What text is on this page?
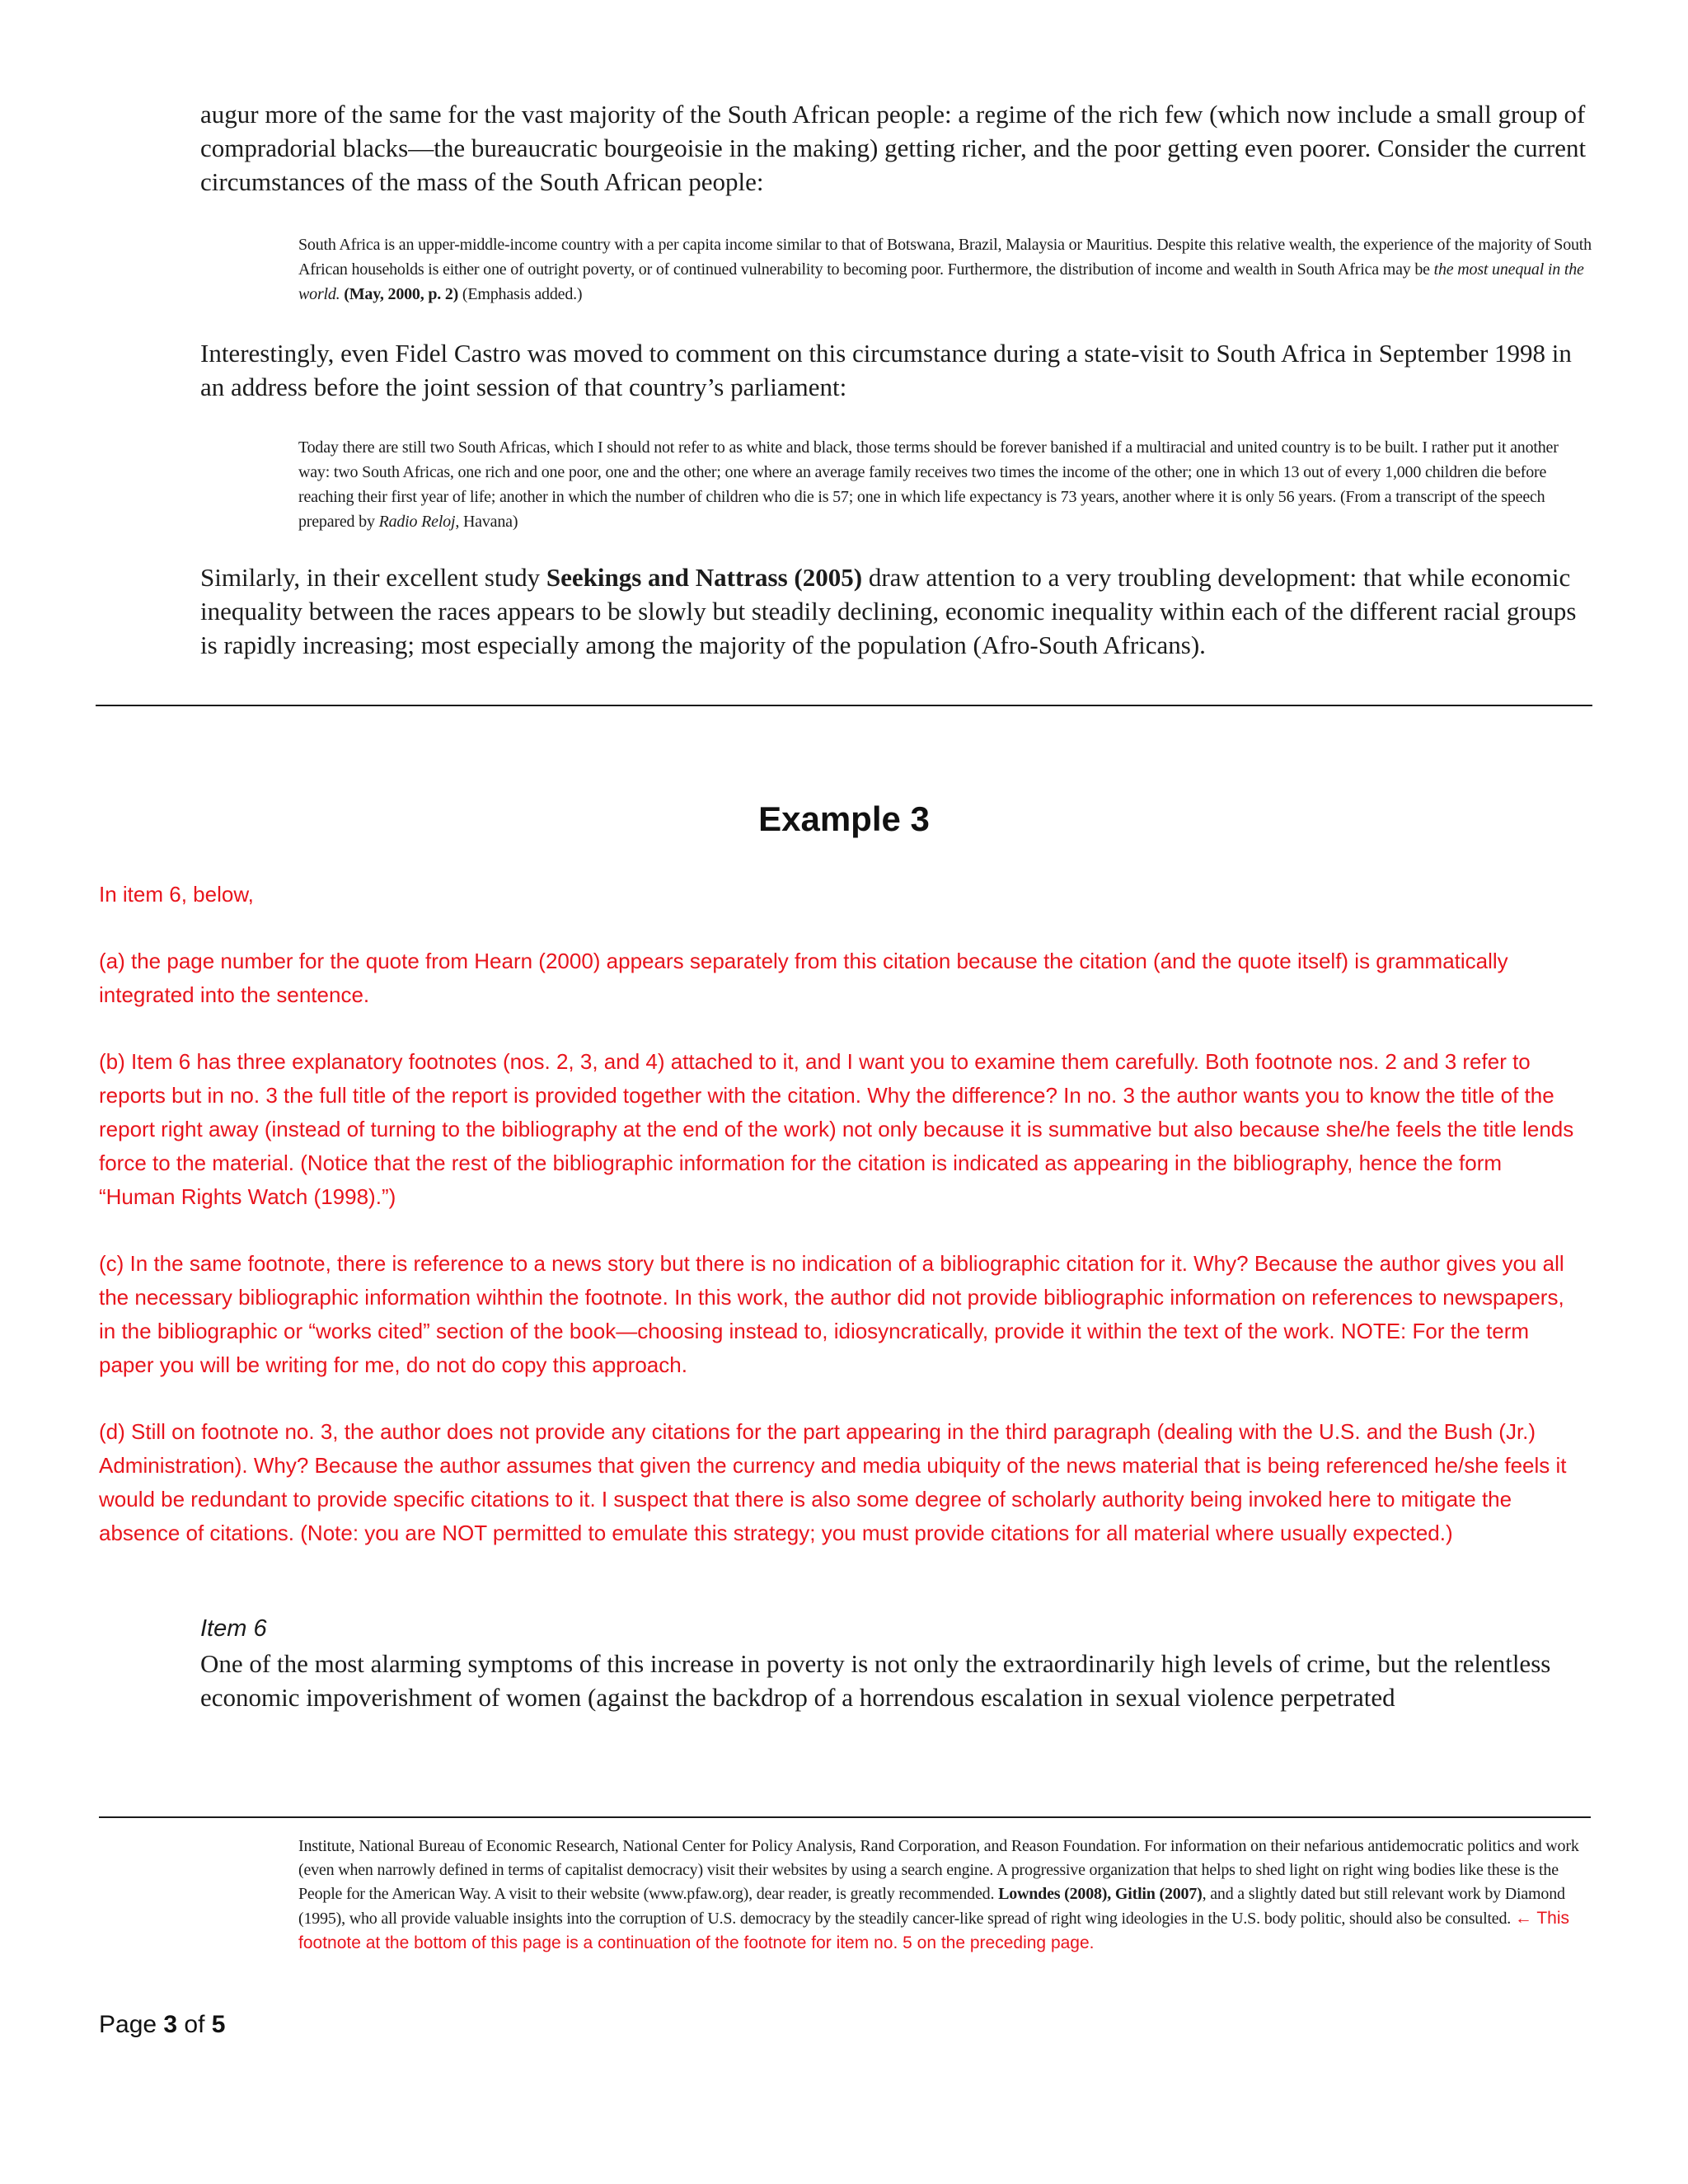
augur more of the same for the vast majority of the South African people: a regime of the rich few (which now include a small group of compradorial blacks—the bureaucratic bourgeoisie in the making) getting richer, and the poor getting even poorer. Consider the current circumstances of the mass of the South African people:

South Africa is an upper-middle-income country with a per capita income similar to that of Botswana, Brazil, Malaysia or Mauritius. Despite this relative wealth, the experience of the majority of South African households is either one of outright poverty, or of continued vulnerability to becoming poor. Furthermore, the distribution of income and wealth in South Africa may be the most unequal in the world. (May, 2000, p. 2) (Emphasis added.)

Interestingly, even Fidel Castro was moved to comment on this circumstance during a state-visit to South Africa in September 1998 in an address before the joint session of that country’s parliament:

Today there are still two South Africas, which I should not refer to as white and black, those terms should be forever banished if a multiracial and united country is to be built. I rather put it another way: two South Africas, one rich and one poor, one and the other; one where an average family receives two times the income of the other; one in which 13 out of every 1,000 children die before reaching their first year of life; another in which the number of children who die is 57; one in which life expectancy is 73 years, another where it is only 56 years. (From a transcript of the speech prepared by Radio Reloj, Havana)

Similarly, in their excellent study Seekings and Nattrass (2005) draw attention to a very troubling development: that while economic inequality between the races appears to be slowly but steadily declining, economic inequality within each of the different racial groups is rapidly increasing; most especially among the majority of the population (Afro-South Africans).

Example 3

In item 6, below,

(a) the page number for the quote from Hearn (2000) appears separately from this citation because the citation (and the quote itself) is grammatically integrated into the sentence.

(b) Item 6 has three explanatory footnotes (nos. 2, 3, and 4) attached to it, and I want you to examine them carefully. Both footnote nos. 2 and 3 refer to reports but in no. 3 the full title of the report is provided together with the citation. Why the difference? In no. 3 the author wants you to know the title of the report right away (instead of turning to the bibliography at the end of the work) not only because it is summative but also because she/he feels the title lends force to the material. (Notice that the rest of the bibliographic information for the citation is indicated as appearing in the bibliography, hence the form “Human Rights Watch (1998).”)

(c) In the same footnote, there is reference to a news story but there is no indication of a bibliographic citation for it. Why? Because the author gives you all the necessary bibliographic information wihthin the footnote. In this work, the author did not provide bibliographic information on references to newspapers, in the bibliographic or “works cited” section of the book—choosing instead to, idiosyncratically, provide it within the text of the work. NOTE: For the term paper you will be writing for me, do not do copy this approach.

(d) Still on footnote no. 3, the author does not provide any citations for the part appearing in the third paragraph (dealing with the U.S. and the Bush (Jr.) Administration). Why? Because the author assumes that given the currency and media ubiquity of the news material that is being referenced he/she feels it would be redundant to provide specific citations to it. I suspect that there is also some degree of scholarly authority being invoked here to mitigate the absence of citations. (Note: you are NOT permitted to emulate this strategy; you must provide citations for all material where usually expected.)

Item 6

One of the most alarming symptoms of this increase in poverty is not only the extraordinarily high levels of crime, but the relentless economic impoverishment of women (against the backdrop of a horrendous escalation in sexual violence perpetrated

Institute, National Bureau of Economic Research, National Center for Policy Analysis, Rand Corporation, and Reason Foundation. For information on their nefarious antidemocratic politics and work (even when narrowly defined in terms of capitalist democracy) visit their websites by using a search engine. A progressive organization that helps to shed light on right wing bodies like these is the People for the American Way. A visit to their website (www.pfaw.org), dear reader, is greatly recommended. Lowndes (2008), Gitlin (2007), and a slightly dated but still relevant work by Diamond (1995), who all provide valuable insights into the corruption of U.S. democracy by the steadily cancer-like spread of right wing ideologies in the U.S. body politic, should also be consulted. ← This footnote at the bottom of this page is a continuation of the footnote for item no. 5 on the preceding page.

Page 3 of 5
